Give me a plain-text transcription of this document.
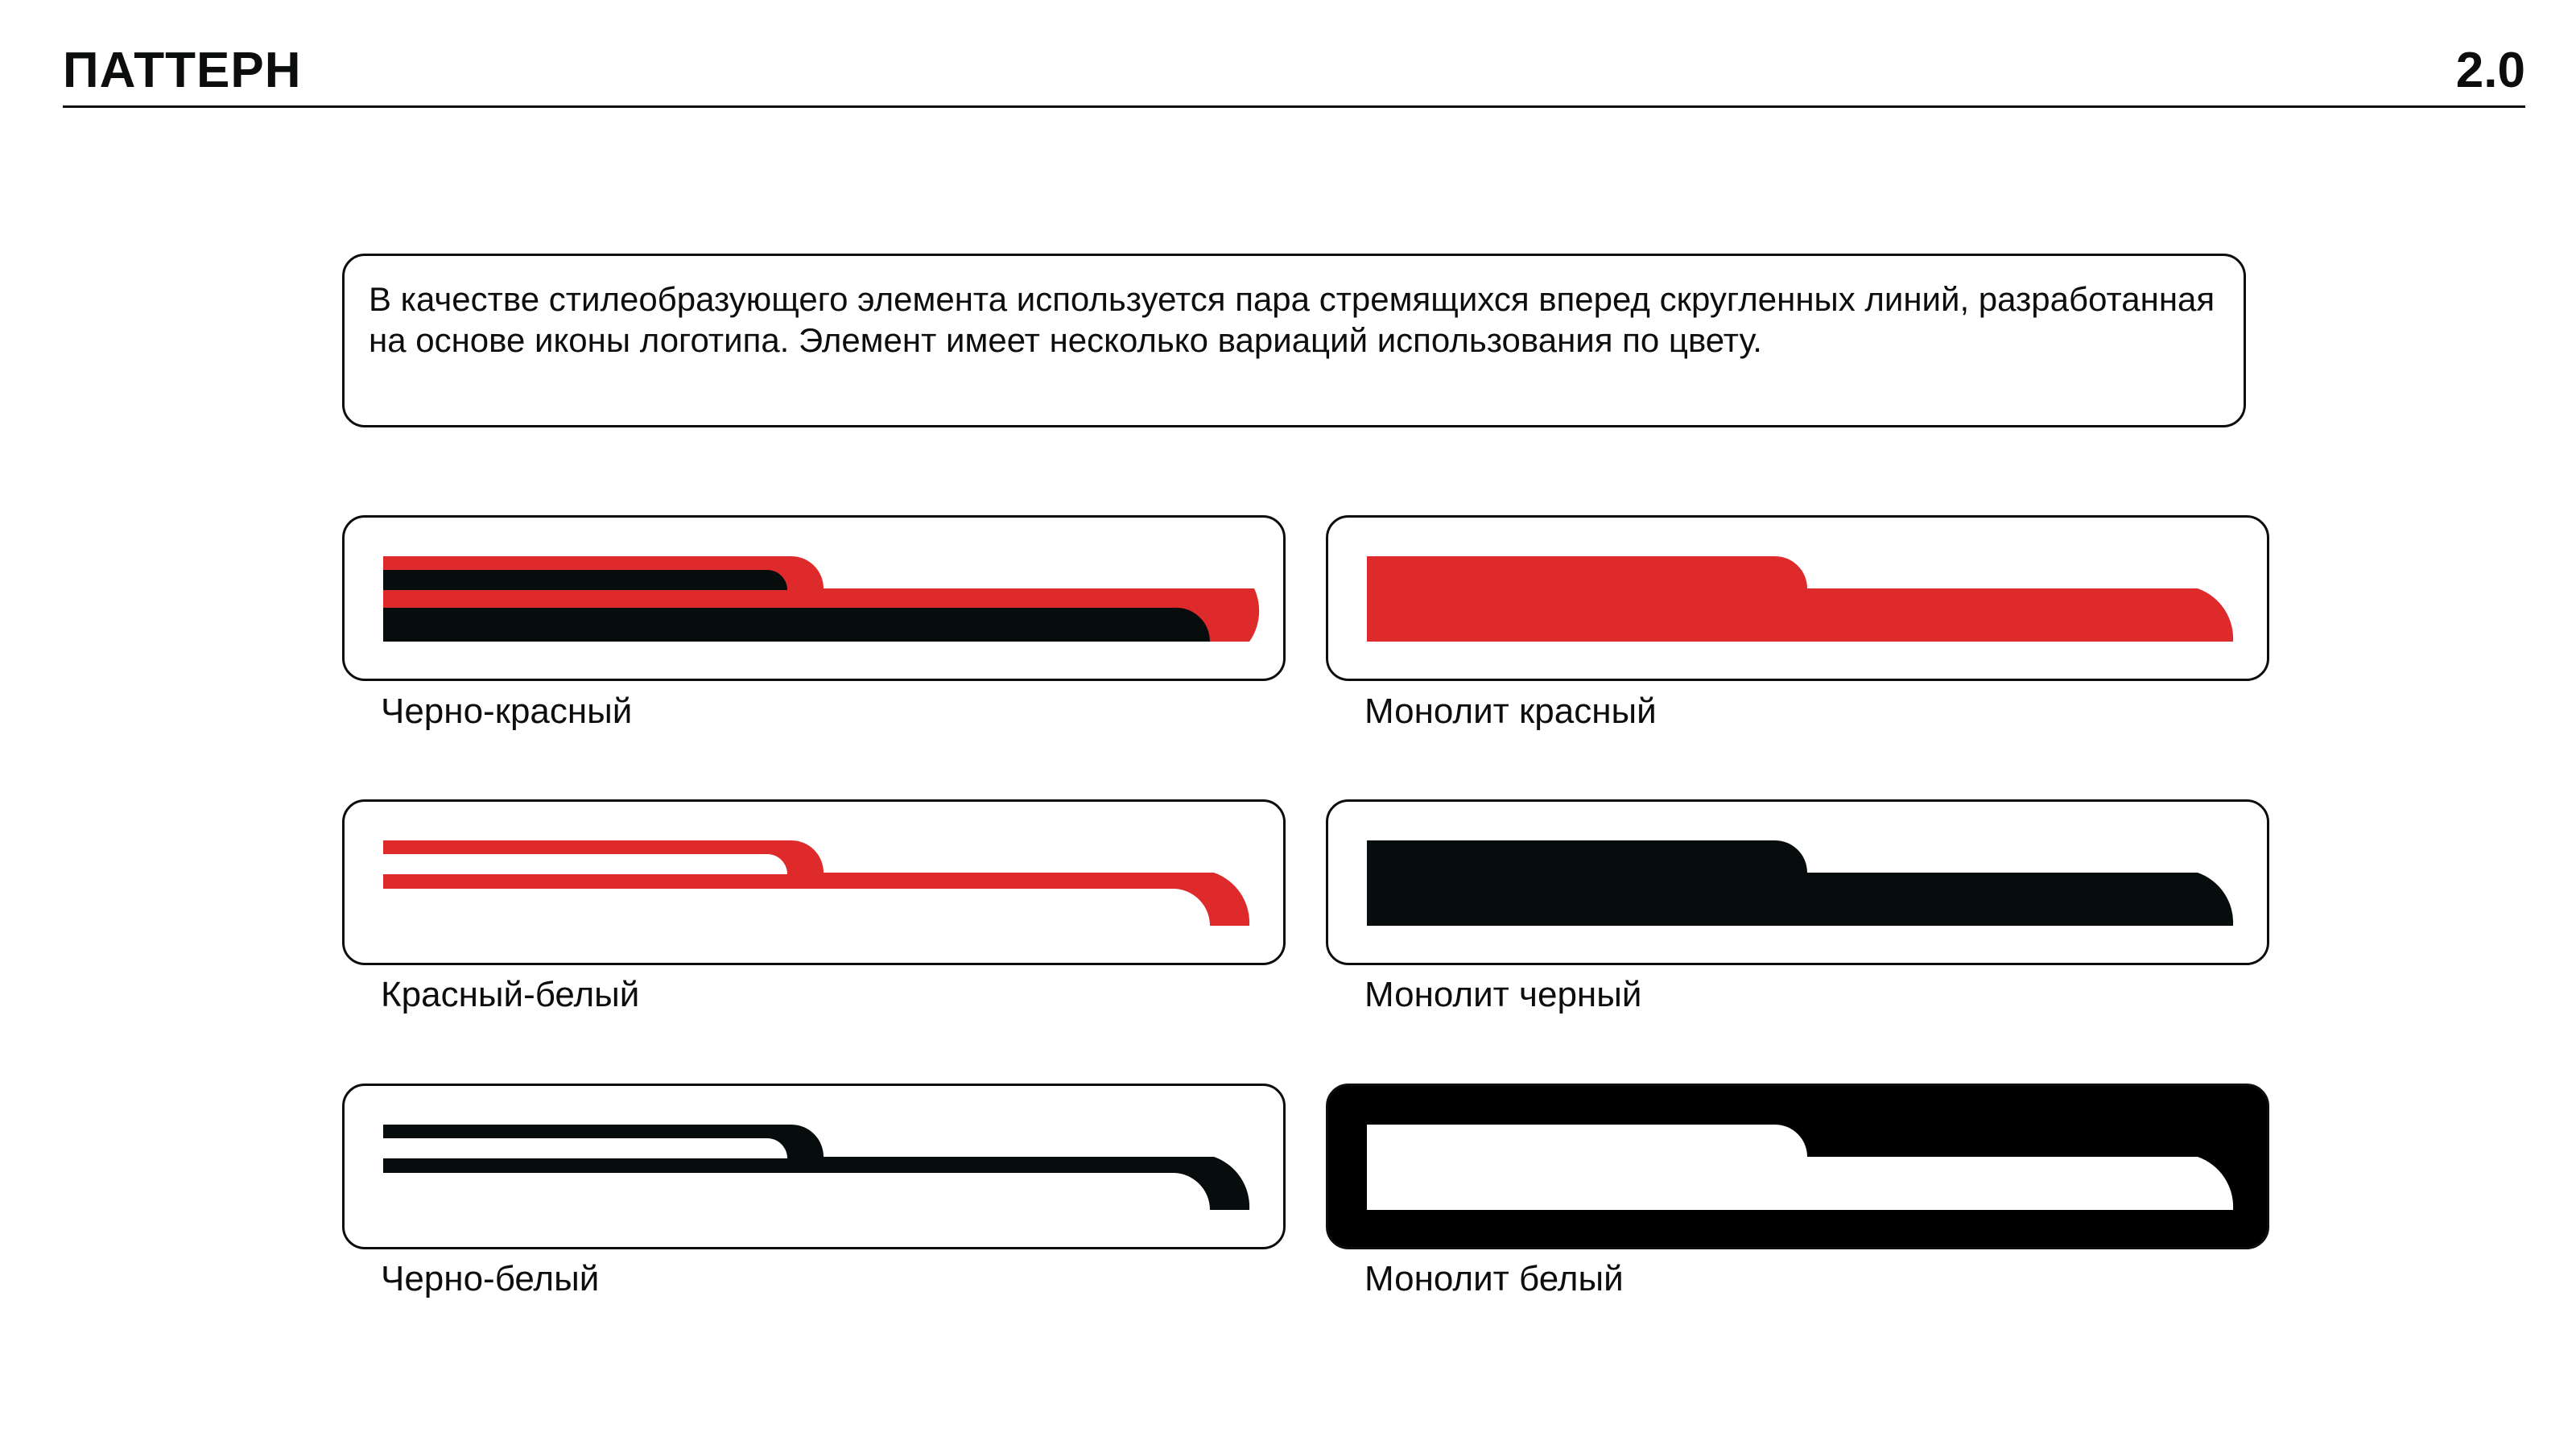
ПАТТЕРН	2.0

В качестве стилеобразующего элемента используется пара стремящихся вперед скругленных линий, разработанная на основе иконы логотипа. Элемент имеет несколько вариаций использования по цвету.

Черно-красный	Монолит красный
Красный-белый	Монолит черный
Черно-белый	Монолит белый
